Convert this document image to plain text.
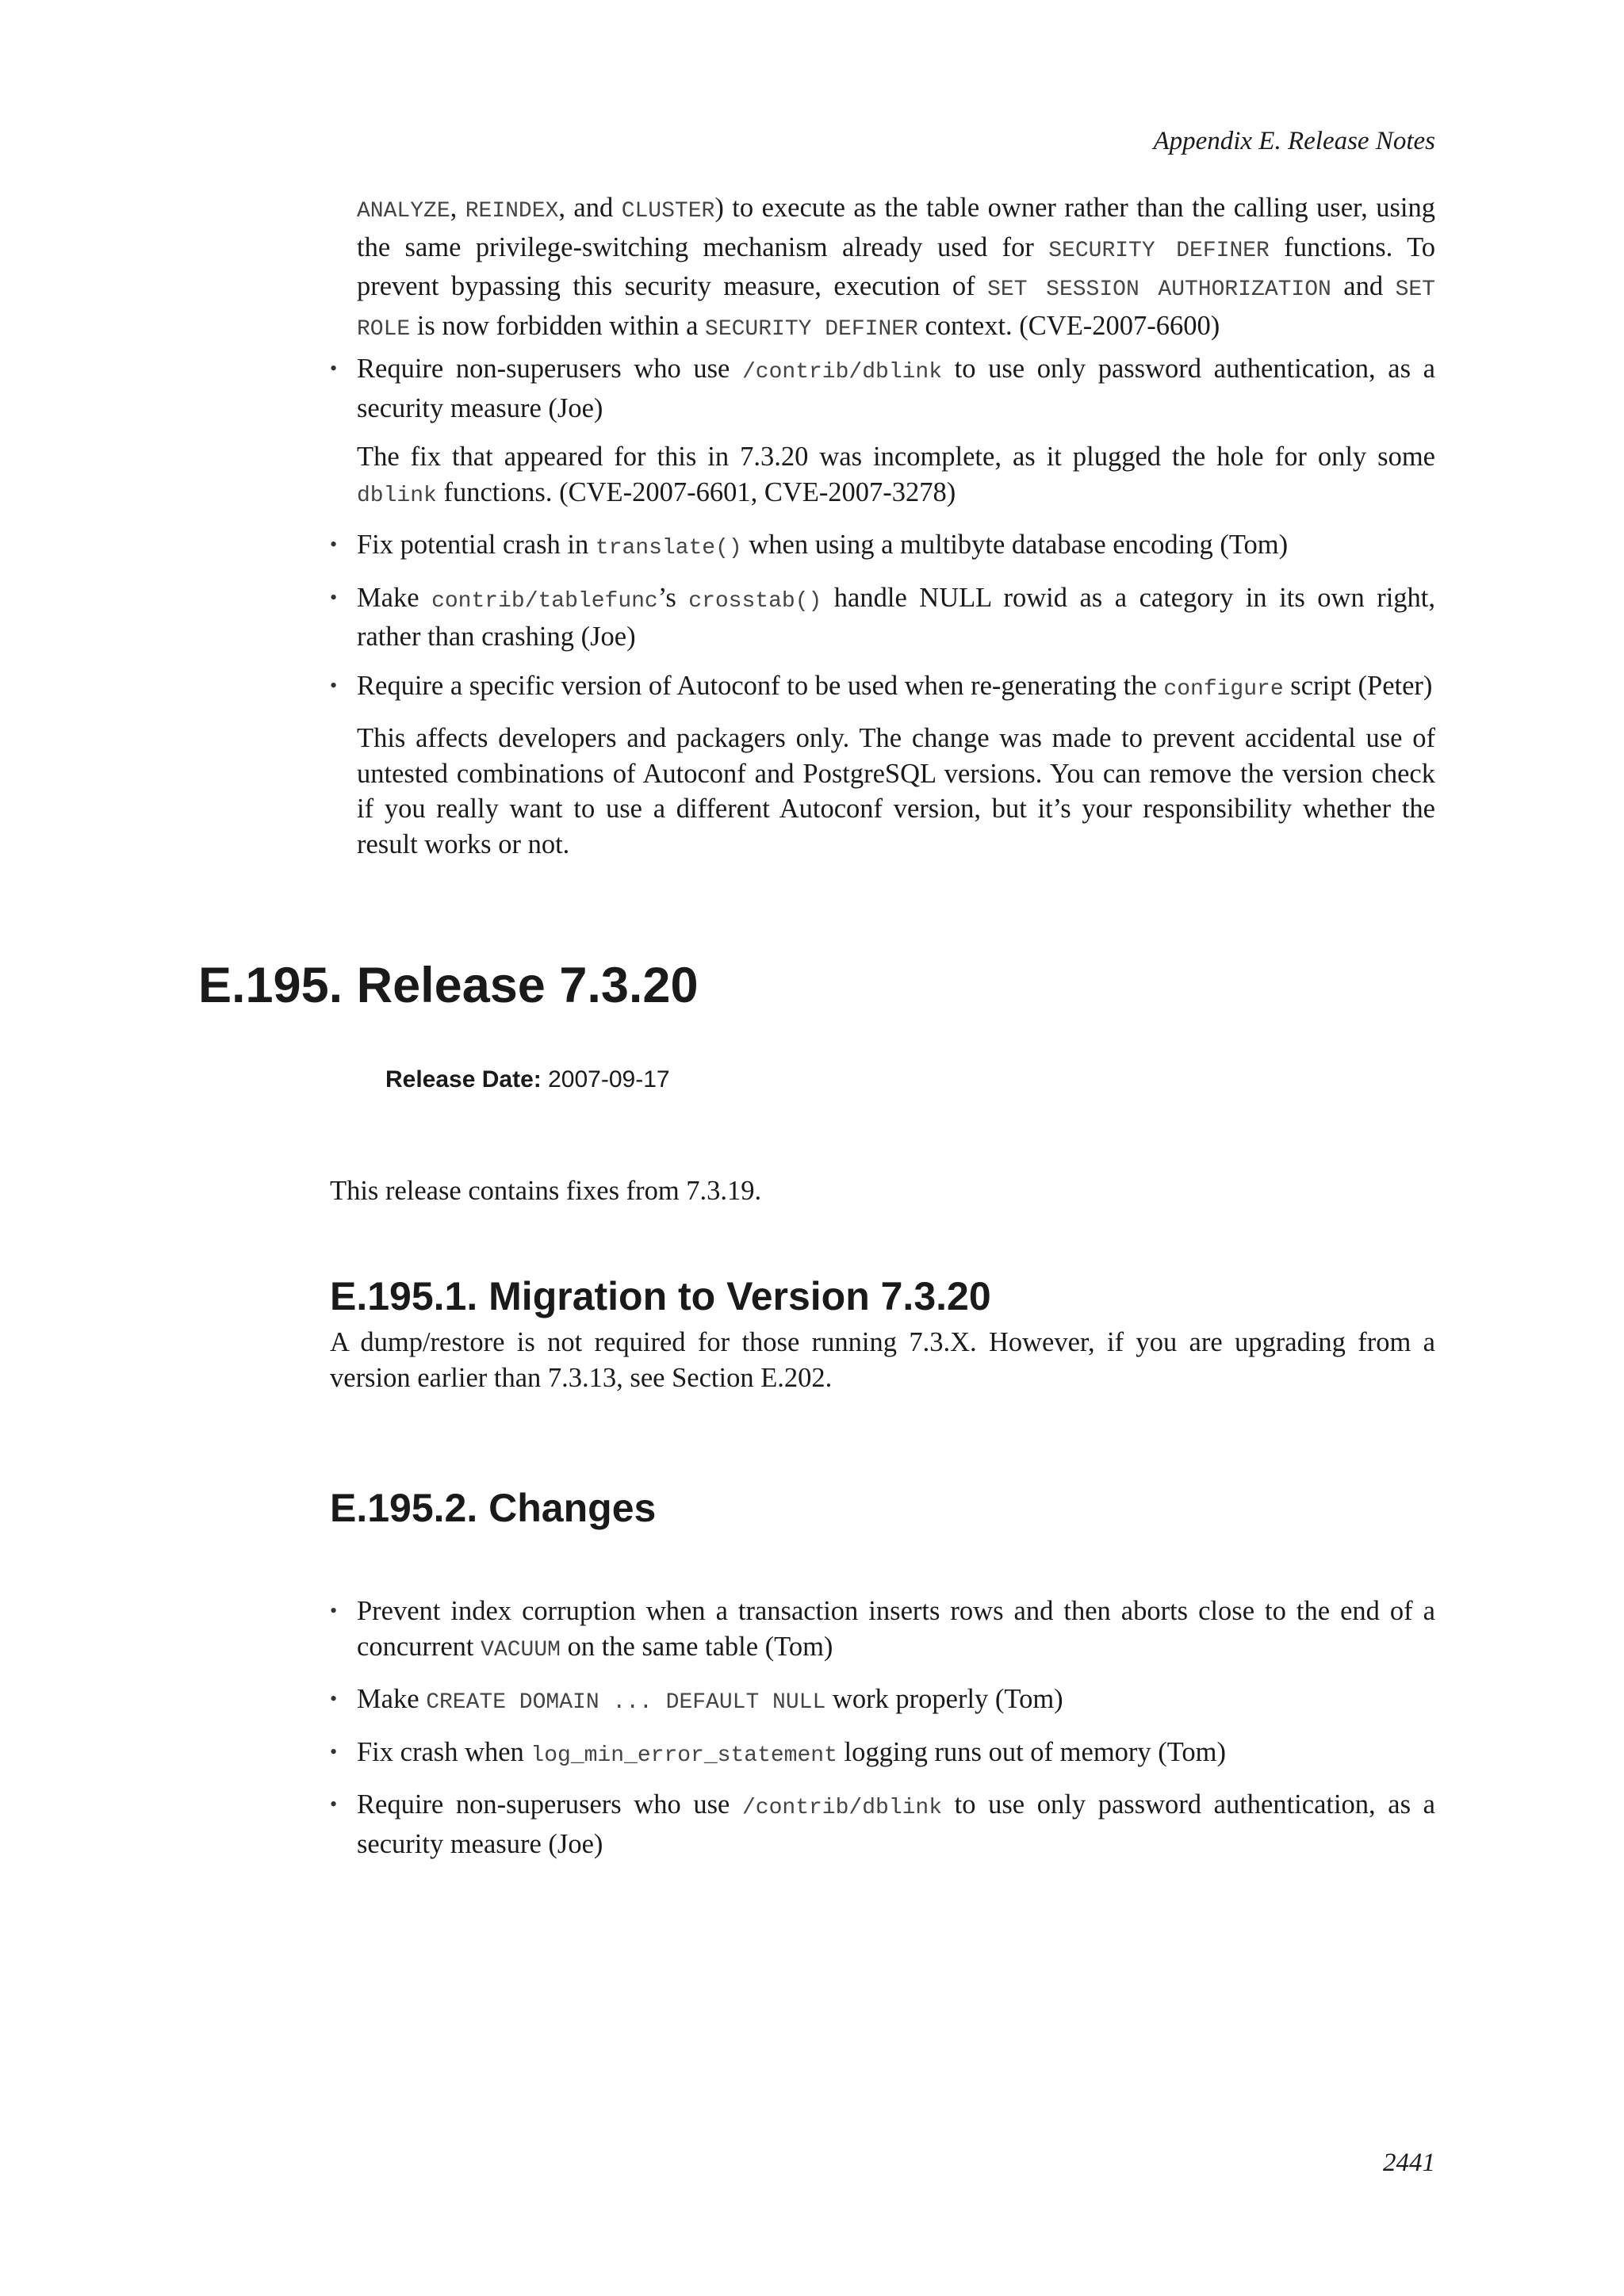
Appendix E. Release Notes

ANALYZE, REINDEX, and CLUSTER) to execute as the table owner rather than the calling user, using the same privilege-switching mechanism already used for SECURITY DEFINER functions. To prevent bypassing this security measure, execution of SET SESSION AUTHORIZATION and SET ROLE is now forbidden within a SECURITY DEFINER context. (CVE-2007-6600)

• Require non-superusers who use /contrib/dblink to use only password authentication, as a security measure (Joe)

The fix that appeared for this in 7.3.20 was incomplete, as it plugged the hole for only some dblink functions. (CVE-2007-6601, CVE-2007-3278)

• Fix potential crash in translate() when using a multibyte database encoding (Tom)
• Make contrib/tablefunc’s crosstab() handle NULL rowid as a category in its own right, rather than crashing (Joe)
• Require a specific version of Autoconf to be used when re-generating the configure script (Peter)

This affects developers and packagers only. The change was made to prevent accidental use of untested combinations of Autoconf and PostgreSQL versions. You can remove the version check if you really want to use a different Autoconf version, but it’s your responsibility whether the result works or not.

E.195. Release 7.3.20
Release Date: 2007-09-17

This release contains fixes from 7.3.19.

E.195.1. Migration to Version 7.3.20

A dump/restore is not required for those running 7.3.X. However, if you are upgrading from a version earlier than 7.3.13, see Section E.202.

E.195.2. Changes
• Prevent index corruption when a transaction inserts rows and then aborts close to the end of a concurrent VACUUM on the same table (Tom)
• Make CREATE DOMAIN ... DEFAULT NULL work properly (Tom)
• Fix crash when log_min_error_statement logging runs out of memory (Tom)
• Require non-superusers who use /contrib/dblink to use only password authentication, as a security measure (Joe)
2441
